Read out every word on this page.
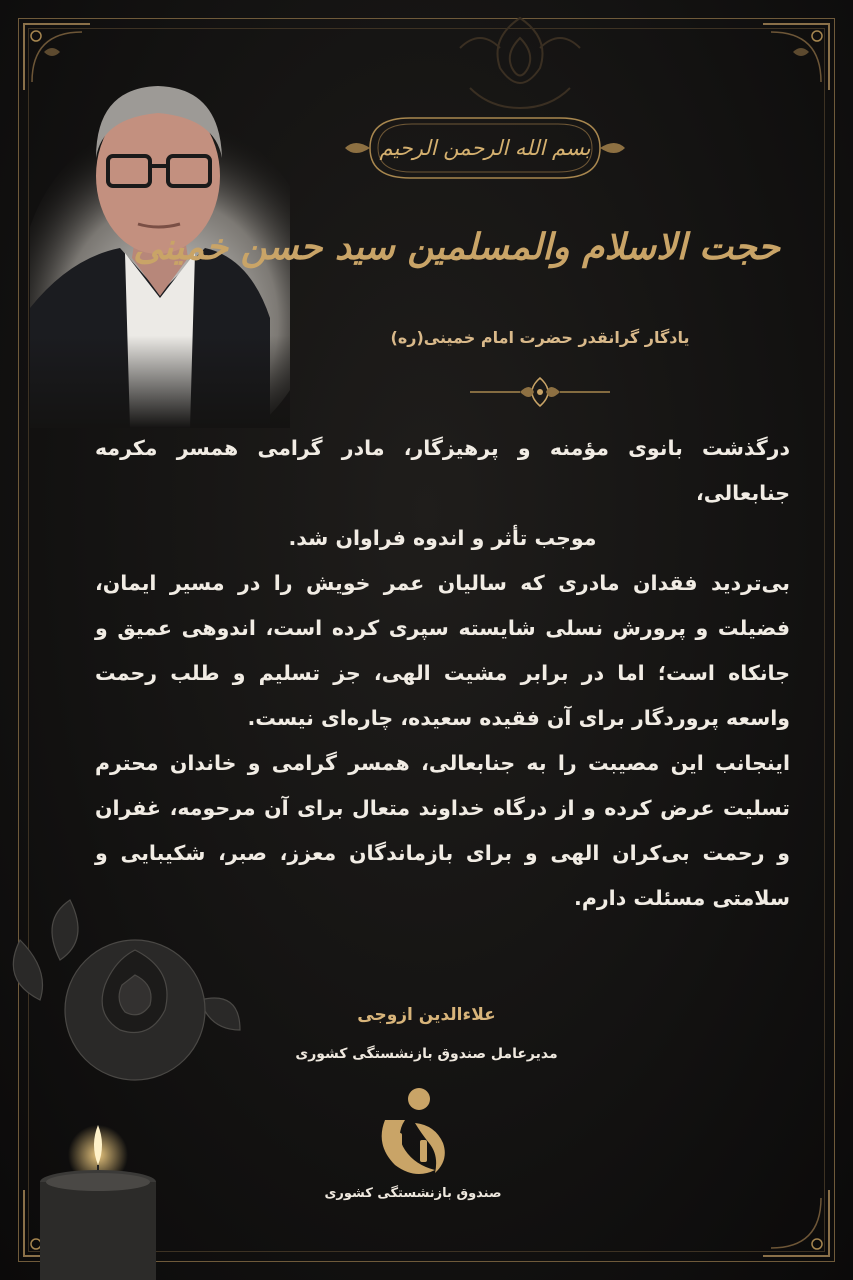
بسم الله الرحمن الرحیم
حجت الاسلام والمسلمین سید حسن خمینی
یادگار گرانقدر حضرت امام خمینی(ره)

درگذشت بانوی مؤمنه و پرهیزگار، مادر گرامی همسر مکرمه جنابعالی،

موجب تأثر و اندوه فراوان شد.

بی‌تردید فقدان مادری که سالیان عمر خویش را در مسیر ایمان، فضیلت و پرورش نسلی شایسته سپری کرده است، اندوهی عمیق و جانکاه است؛ اما در برابر مشیت الهی، جز تسلیم و طلب رحمت واسعه پروردگار برای آن فقیده سعیده، چاره‌ای نیست.

اینجانب این مصیبت را به جنابعالی، همسر گرامی و خاندان محترم تسلیت عرض کرده و از درگاه خداوند متعال برای آن مرحومه، غفران و رحمت بی‌کران الهی و برای بازماندگان معزز، صبر، شکیبایی و سلامتی مسئلت دارم.

علاءالدین ازوجی
مدیرعامل صندوق بازنشستگی کشوری
صندوق بازنشستگی کشوری
